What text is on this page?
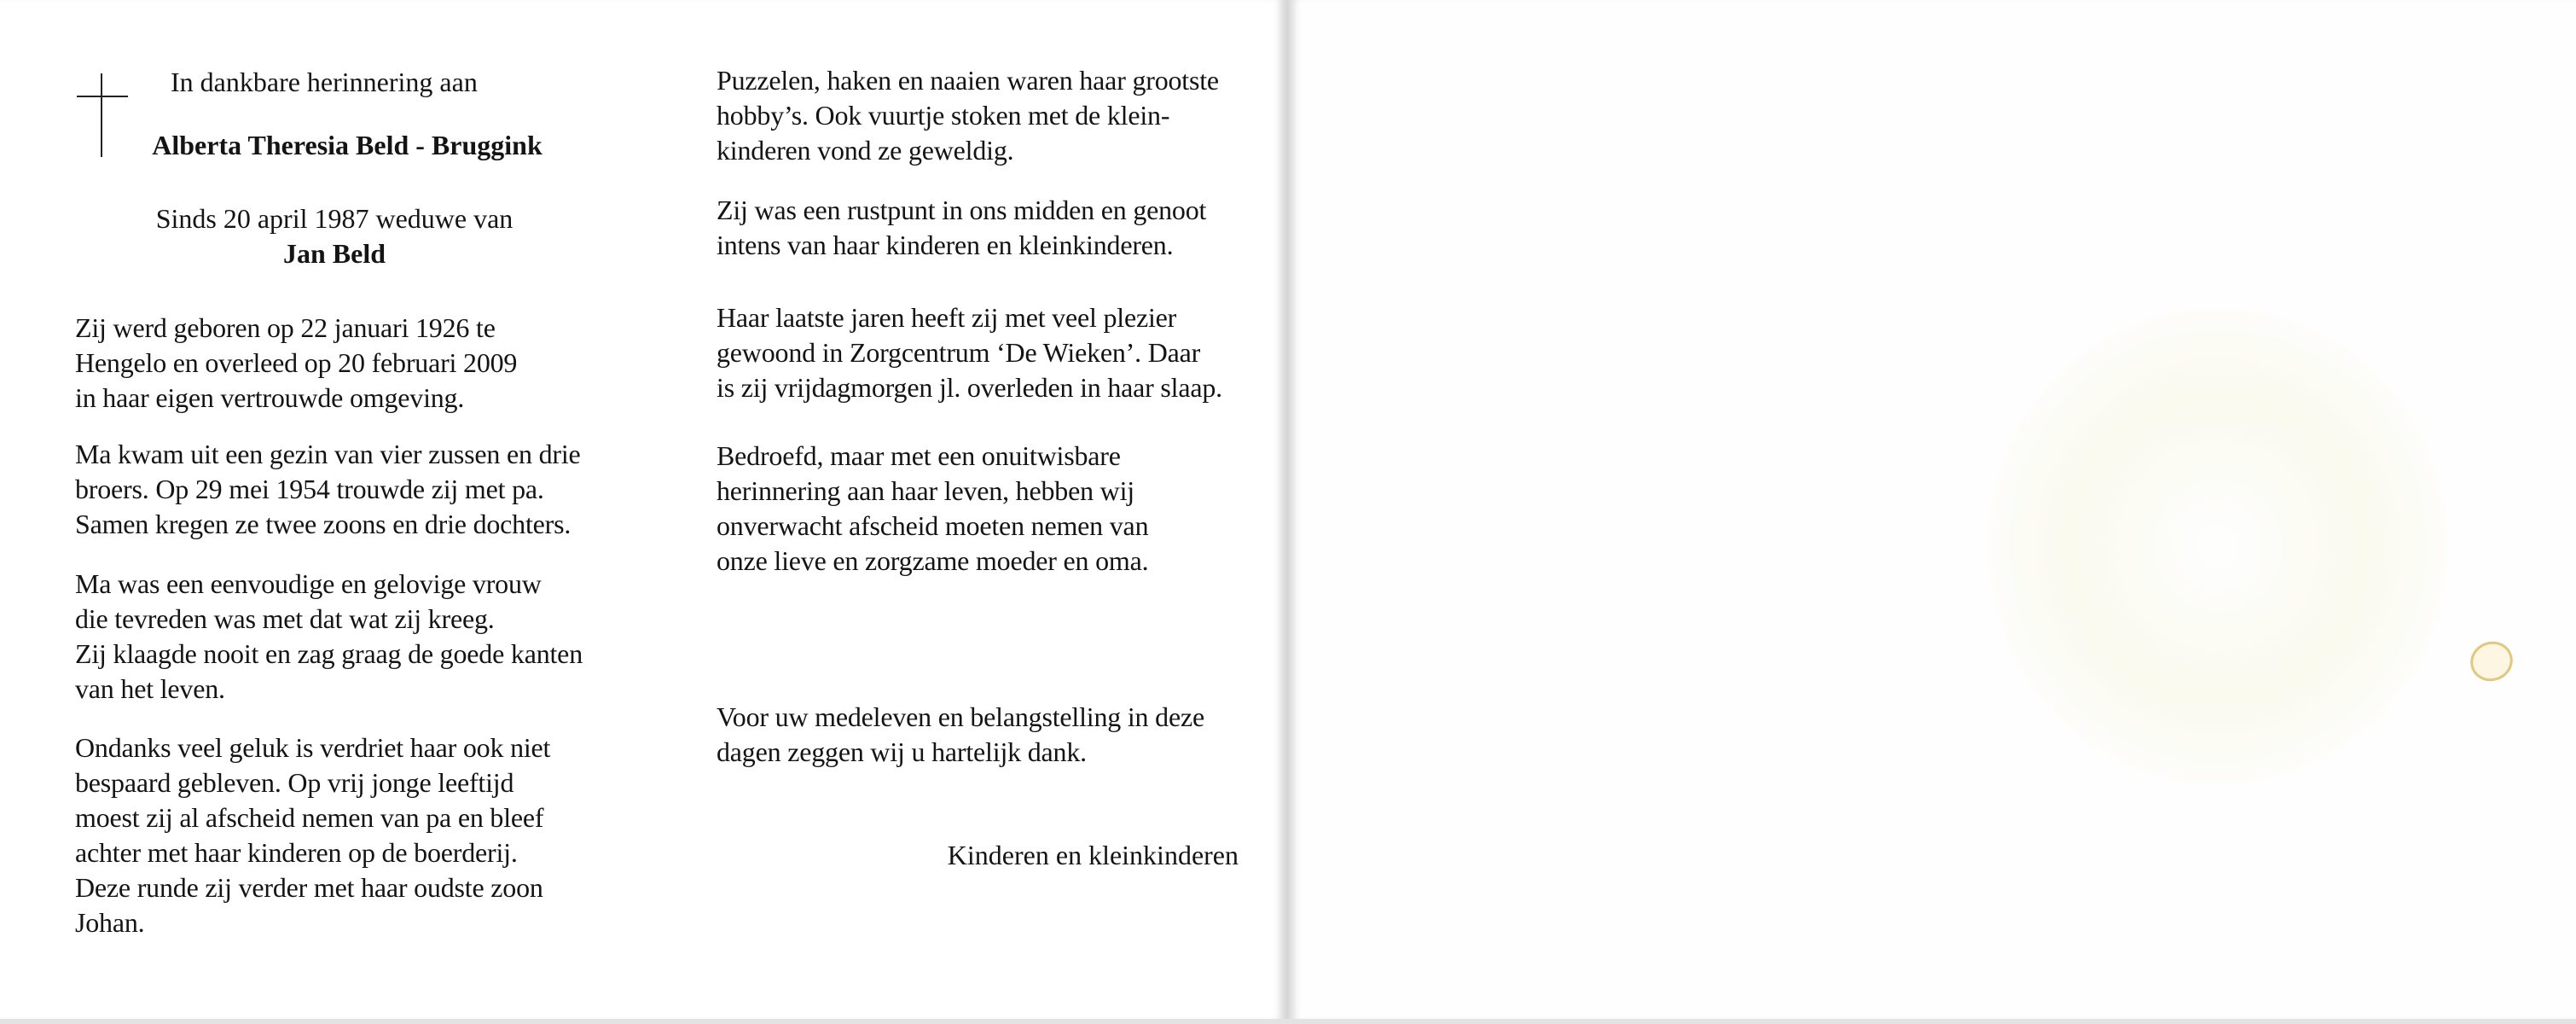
In dankbare herinnering aan
Alberta Theresia Beld - Bruggink
Sinds 20 april 1987 weduwe van
Jan Beld
Zij werd geboren op 22 januari 1926 te
Hengelo en overleed op 20 februari 2009
in haar eigen vertrouwde omgeving.
Ma kwam uit een gezin van vier zussen en drie
broers. Op 29 mei 1954 trouwde zij met pa.
Samen kregen ze twee zoons en drie dochters.
Ma was een eenvoudige en gelovige vrouw
die tevreden was met dat wat zij kreeg.
Zij klaagde nooit en zag graag de goede kanten
van het leven.
Ondanks veel geluk is verdriet haar ook niet
bespaard gebleven. Op vrij jonge leeftijd
moest zij al afscheid nemen van pa en bleef
achter met haar kinderen op de boerderij.
Deze runde zij verder met haar oudste zoon
Johan.
Puzzelen, haken en naaien waren haar grootste
hobby’s. Ook vuurtje stoken met de klein-
kinderen vond ze geweldig.
Zij was een rustpunt in ons midden en genoot
intens van haar kinderen en kleinkinderen.
Haar laatste jaren heeft zij met veel plezier
gewoond in Zorgcentrum ‘De Wieken’. Daar
is zij vrijdagmorgen jl. overleden in haar slaap.
Bedroefd, maar met een onuitwisbare
herinnering aan haar leven, hebben wij
onverwacht afscheid moeten nemen van
onze lieve en zorgzame moeder en oma.
Voor uw medeleven en belangstelling in deze
dagen zeggen wij u hartelijk dank.
Kinderen en kleinkinderen
